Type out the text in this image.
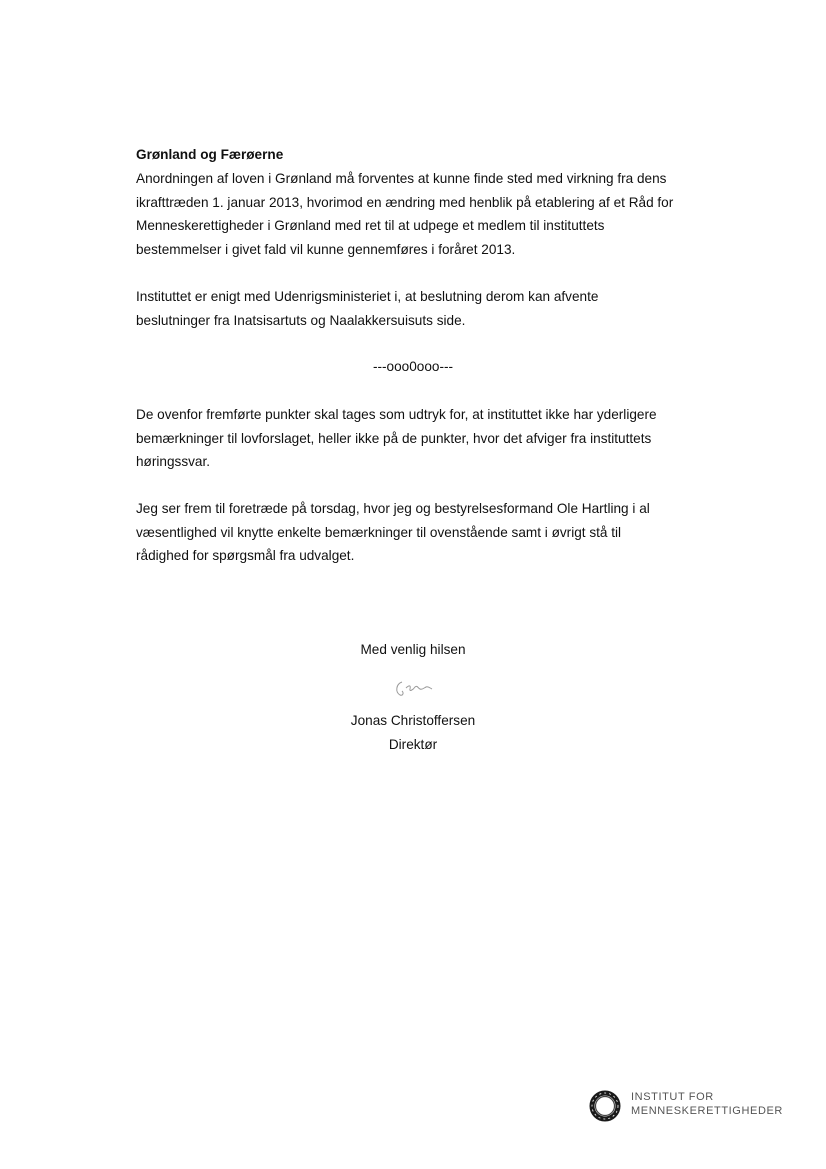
Grønland og Færøerne
Anordningen af loven i Grønland må forventes at kunne finde sted med virkning fra dens
ikrafttræden 1. januar 2013, hvorimod en ændring med henblik på etablering af et Råd for
Menneskerettigheder i Grønland med ret til at udpege et medlem til instituttets
bestemmelser i givet fald vil kunne gennemføres i foråret 2013.
Instituttet er enigt med Udenrigsministeriet i, at beslutning derom kan afvente
beslutninger fra Inatsisartuts og Naalakkersuisuts side.
---ooo0ooo---
De ovenfor fremførte punkter skal tages som udtryk for, at instituttet ikke har yderligere
bemærkninger til lovforslaget, heller ikke på de punkter, hvor det afviger fra instituttets
høringssvar.
Jeg ser frem til foretræde på torsdag, hvor jeg og bestyrelsesformand Ole Hartling i al
væsentlighed vil knytte enkelte bemærkninger til ovenstående samt i øvrigt stå til
rådighed for spørgsmål fra udvalget.
Med venlig hilsen
Jonas Christoffersen
Direktør
INSTITUT FOR
MENNESKERETTIGHEDER
